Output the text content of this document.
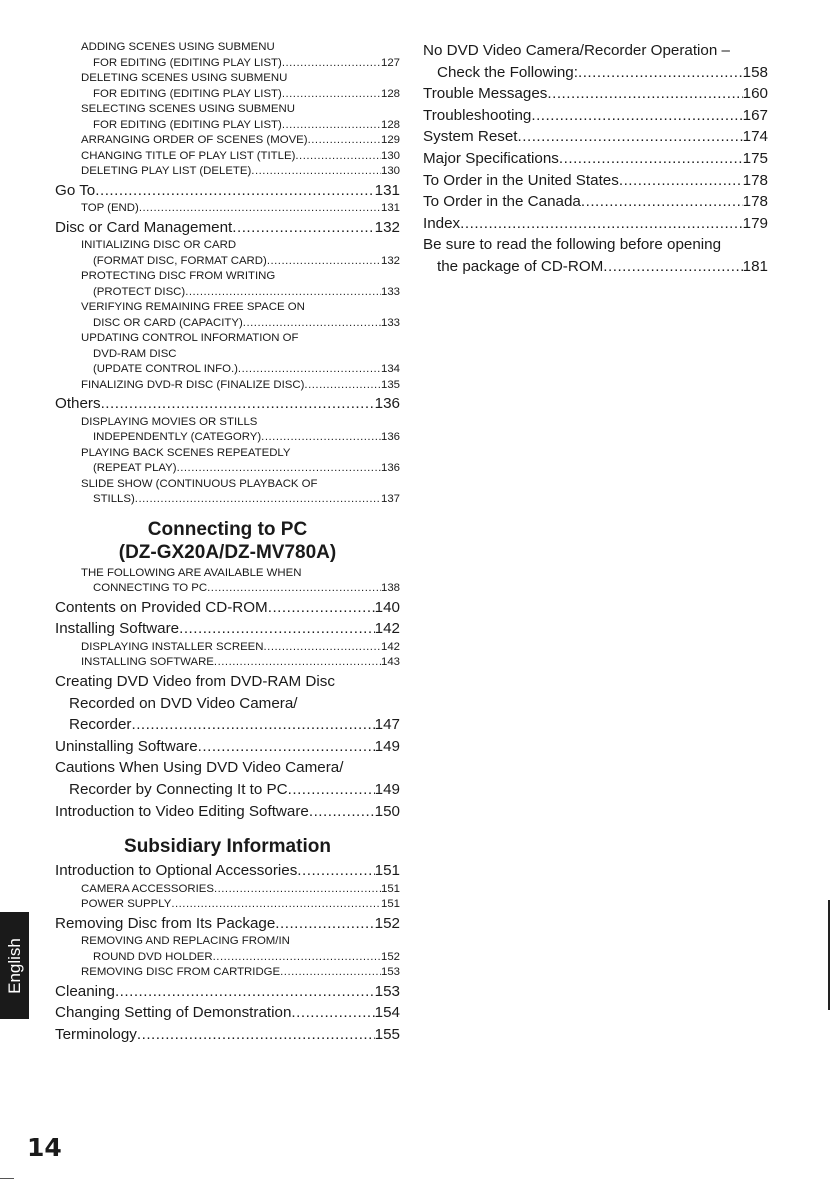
ADDING SCENES USING SUBMENU
FOR EDITING (EDITING PLAY LIST) .....	127
DELETING SCENES USING SUBMENU
FOR EDITING (EDITING PLAY LIST) .....	128
SELECTING SCENES USING SUBMENU
FOR EDITING (EDITING PLAY LIST) .....	128
ARRANGING ORDER OF SCENES (MOVE) .....	129
CHANGING TITLE OF PLAY LIST (TITLE) .....	130
DELETING PLAY LIST (DELETE) .....	130
Go To .....	131
TOP (END) .....	131
Disc or Card Management .....	132
INITIALIZING DISC OR CARD
(FORMAT DISC, FORMAT CARD) .....	132
PROTECTING DISC FROM WRITING
(PROTECT DISC) .....	133
VERIFYING REMAINING FREE SPACE ON
DISC OR CARD (CAPACITY) .....	133
UPDATING CONTROL INFORMATION OF
DVD-RAM DISC
(UPDATE CONTROL INFO.) .....	134
FINALIZING DVD-R DISC (FINALIZE DISC) .....	135
Others .....	136
DISPLAYING MOVIES OR STILLS
INDEPENDENTLY (CATEGORY) .....	136
PLAYING BACK SCENES REPEATEDLY
(REPEAT PLAY) .....	136
SLIDE SHOW (CONTINUOUS PLAYBACK OF
STILLS) .....	137
Connecting to PC
(DZ-GX20A/DZ-MV780A)
THE FOLLOWING ARE AVAILABLE WHEN
CONNECTING TO PC .....	138
Contents on Provided CD-ROM .....	140
Installing Software .....	142
DISPLAYING INSTALLER SCREEN .....	142
INSTALLING SOFTWARE .....	143
Creating DVD Video from DVD-RAM Disc
Recorded on DVD Video Camera/
Recorder .....	147
Uninstalling Software .....	149
Cautions When Using DVD Video Camera/
Recorder by Connecting It to PC .....	149
Introduction to Video Editing Software .....	150
Subsidiary Information
Introduction to Optional Accessories .....	151
CAMERA ACCESSORIES .....	151
POWER SUPPLY .....	151
Removing Disc from Its Package .....	152
REMOVING AND REPLACING FROM/IN
ROUND DVD HOLDER .....	152
REMOVING DISC FROM CARTRIDGE .....	153
Cleaning .....	153
Changing Setting of Demonstration .....	154
Terminology .....	155
No DVD Video Camera/Recorder Operation –
Check the Following: .....	158
Trouble Messages .....	160
Troubleshooting .....	167
System Reset .....	174
Major Specifications .....	175
To Order in the United States .....	178
To Order in the Canada .....	178
Index .....	179
Be sure to read the following before opening
the package of CD-ROM .....	181
English
14
